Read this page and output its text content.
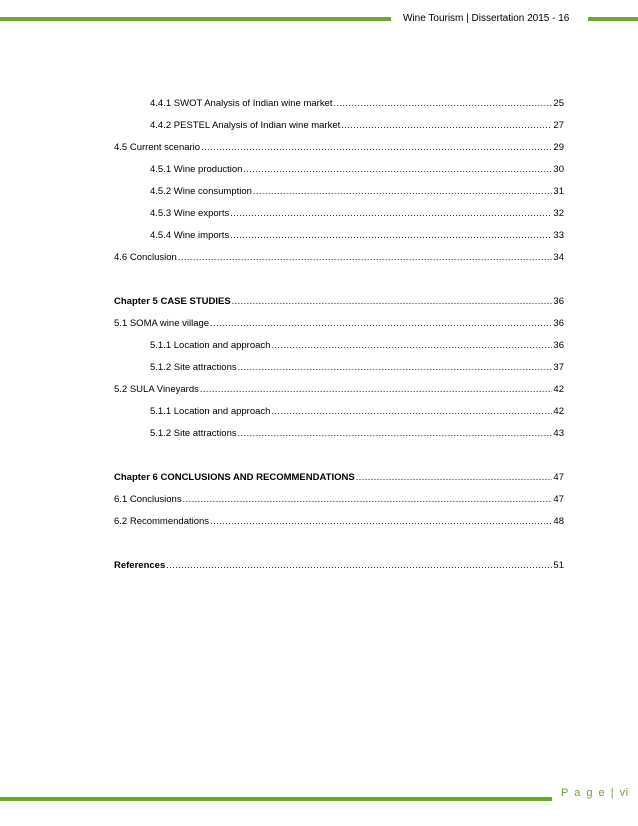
Wine Tourism | Dissertation 2015 - 16
4.4.1 SWOT Analysis of Indian wine market .....	25
4.4.2 PESTEL Analysis of Indian wine market .....	27
4.5 Current scenario .....	29
4.5.1 Wine production .....	30
4.5.2 Wine consumption .....	31
4.5.3 Wine exports .....	32
4.5.4 Wine imports .....	33
4.6 Conclusion .....	34
Chapter 5 CASE STUDIES .....	36
5.1 SOMA wine village .....	36
5.1.1 Location and approach .....	36
5.1.2 Site attractions .....	37
5.2 SULA Vineyards .....	42
5.1.1 Location and approach .....	42
5.1.2 Site attractions .....	43
Chapter 6 CONCLUSIONS AND RECOMMENDATIONS .....	47
6.1 Conclusions .....	47
6.2 Recommendations .....	48
References .....	51
P a g e | vi
